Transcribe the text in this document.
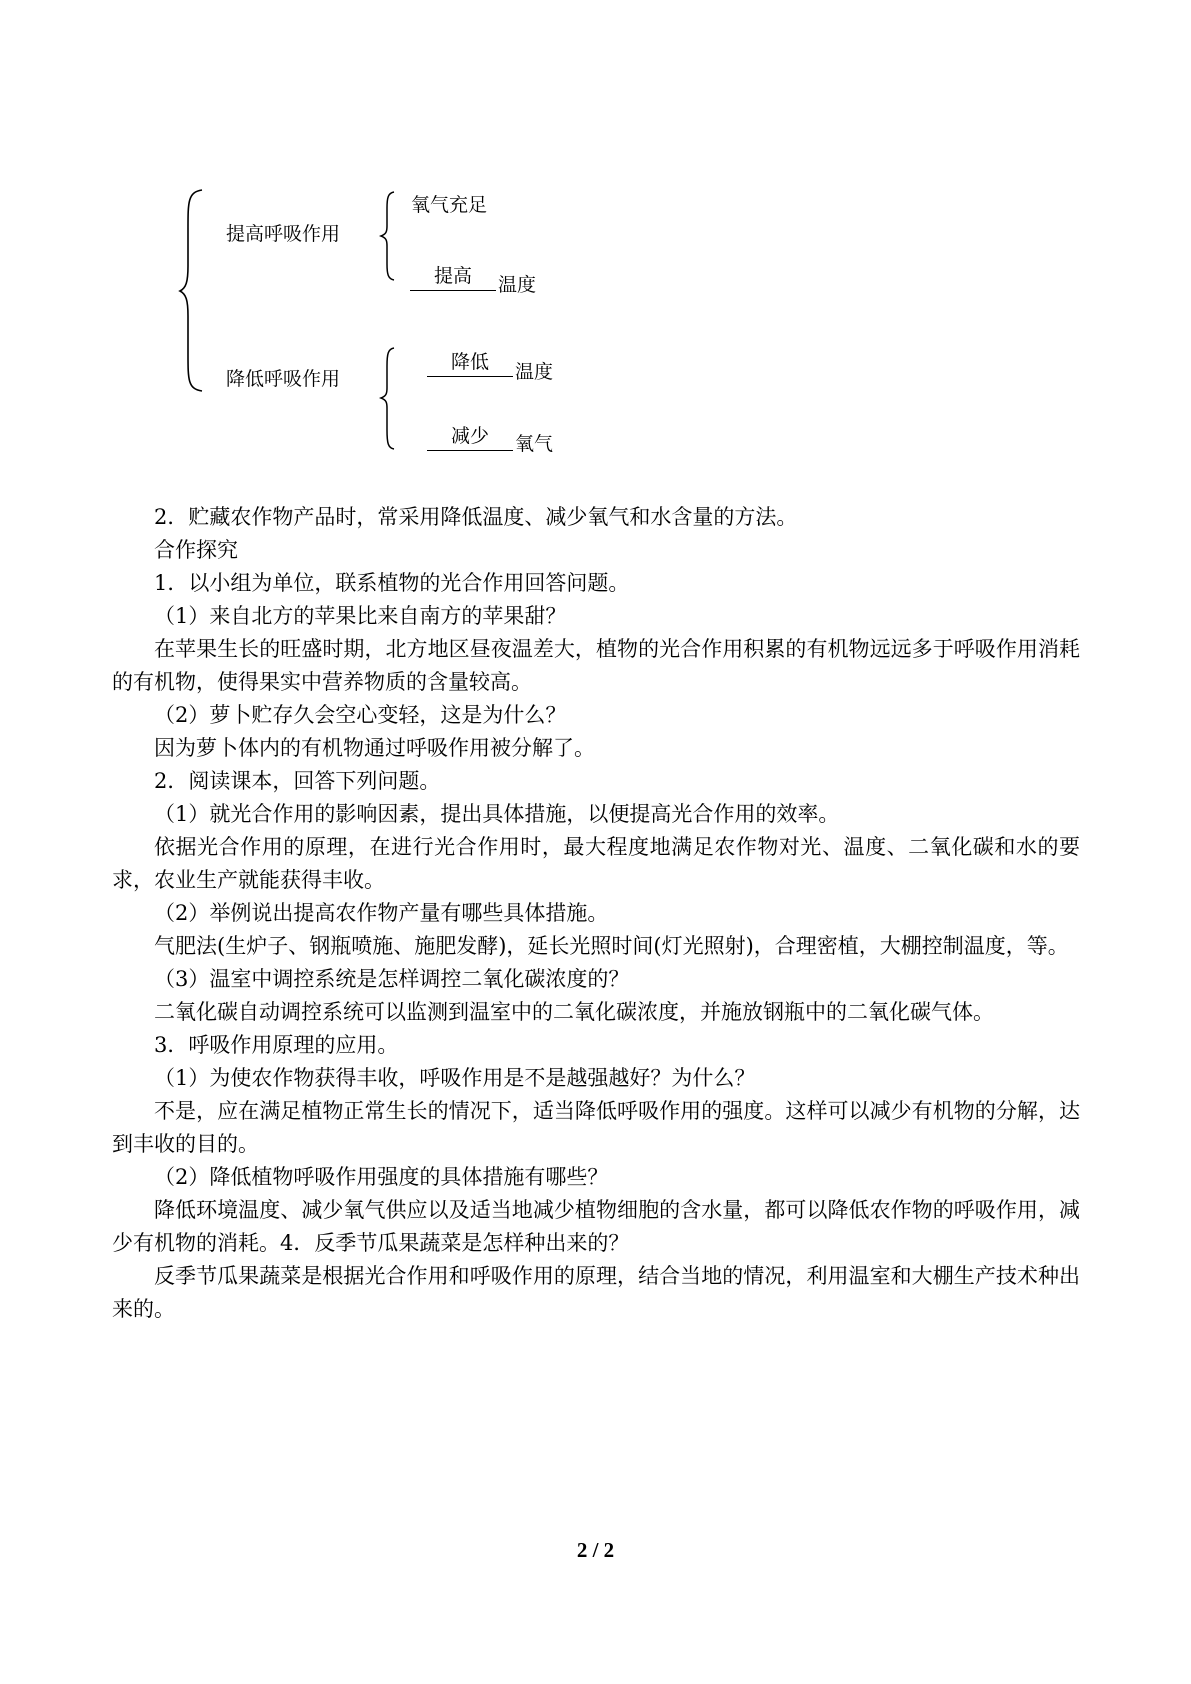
提高呼吸作用
降低呼吸作用
氧气充足
提高	温度
降低	温度
减少	氧气

2．贮藏农作物产品时，常采用降低温度、减少氧气和水含量的方法。

合作探究

1．以小组为单位，联系植物的光合作用回答问题。

（1）来自北方的苹果比来自南方的苹果甜？

在苹果生长的旺盛时期，北方地区昼夜温差大，植物的光合作用积累的有机物远远多于呼吸作用消耗的有机物，使得果实中营养物质的含量较高。

（2）萝卜贮存久会空心变轻，这是为什么？

因为萝卜体内的有机物通过呼吸作用被分解了。

2．阅读课本，回答下列问题。

（1）就光合作用的影响因素，提出具体措施，以便提高光合作用的效率。

依据光合作用的原理，在进行光合作用时，最大程度地满足农作物对光、温度、二氧化碳和水的要求，农业生产就能获得丰收。

（2）举例说出提高农作物产量有哪些具体措施。

气肥法(生炉子、钢瓶喷施、施肥发酵)，延长光照时间(灯光照射)，合理密植，大棚控制温度，等。

（3）温室中调控系统是怎样调控二氧化碳浓度的？

二氧化碳自动调控系统可以监测到温室中的二氧化碳浓度，并施放钢瓶中的二氧化碳气体。

3．呼吸作用原理的应用。

（1）为使农作物获得丰收，呼吸作用是不是越强越好？为什么？

不是，应在满足植物正常生长的情况下，适当降低呼吸作用的强度。这样可以减少有机物的分解，达到丰收的目的。

（2）降低植物呼吸作用强度的具体措施有哪些？

降低环境温度、减少氧气供应以及适当地减少植物细胞的含水量，都可以降低农作物的呼吸作用，减少有机物的消耗。4．反季节瓜果蔬菜是怎样种出来的？

反季节瓜果蔬菜是根据光合作用和呼吸作用的原理，结合当地的情况，利用温室和大棚生产技术种出来的。

2 / 2
